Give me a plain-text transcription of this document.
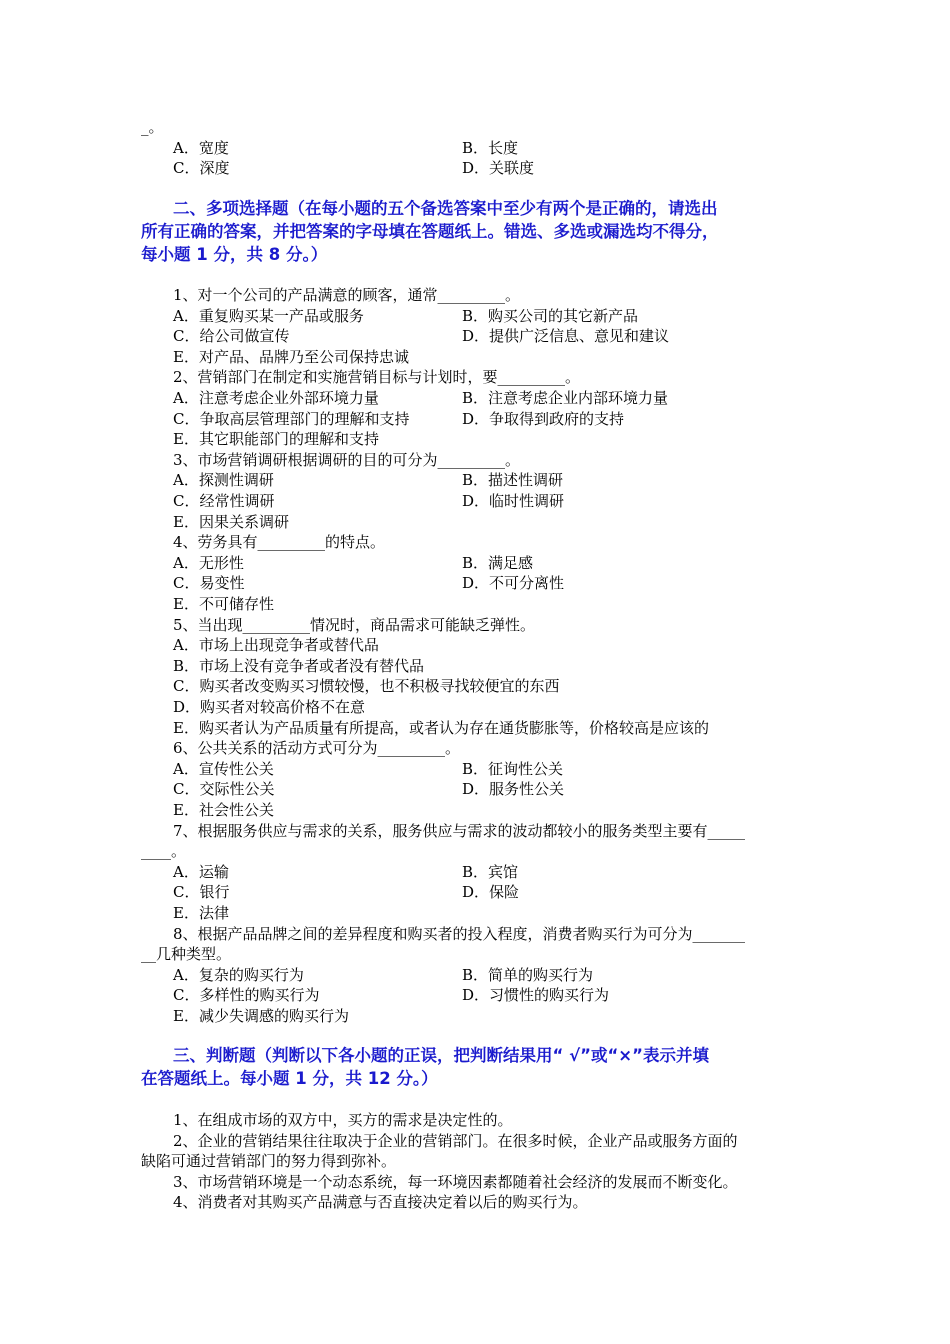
_。
A．宽度	B．长度
C．深度	D．关联度
二、多项选择题（在每小题的五个备选答案中至少有两个是正确的，请选出
所有正确的答案，并把答案的字母填在答题纸上。错选、多选或漏选均不得分，
每小题 1 分，共 8 分。）
1、对一个公司的产品满意的顾客，通常_________。
A．重复购买某一产品或服务	B．购买公司的其它新产品
C．给公司做宣传	D．提供广泛信息、意见和建议
E．对产品、品牌乃至公司保持忠诚
2、营销部门在制定和实施营销目标与计划时，要_________。
A．注意考虑企业外部环境力量	B．注意考虑企业内部环境力量
C．争取高层管理部门的理解和支持	D．争取得到政府的支持
E．其它职能部门的理解和支持
3、市场营销调研根据调研的目的可分为_________。
A．探测性调研	B．描述性调研
C．经常性调研	D．临时性调研
E．因果关系调研
4、劳务具有_________的特点。
A．无形性	B．满足感
C．易变性	D．不可分离性
E．不可储存性
5、当出现_________情况时，商品需求可能缺乏弹性。
A．市场上出现竞争者或替代品
B．市场上没有竞争者或者没有替代品
C．购买者改变购买习惯较慢，也不积极寻找较便宜的东西
D．购买者对较高价格不在意
E．购买者认为产品质量有所提高，或者认为存在通货膨胀等，价格较高是应该的
6、公共关系的活动方式可分为_________。
A．宣传性公关	B．征询性公关
C．交际性公关	D．服务性公关
E．社会性公关
7、根据服务供应与需求的关系，服务供应与需求的波动都较小的服务类型主要有_____
____。
A．运输	B．宾馆
C．银行	D．保险
E．法律
8、根据产品品牌之间的差异程度和购买者的投入程度，消费者购买行为可分为_______
__几种类型。
A．复杂的购买行为	B．简单的购买行为
C．多样性的购买行为	D．习惯性的购买行为
E．减少失调感的购买行为
三、判断题（判断以下各小题的正误，把判断结果用“ √”或“×”表示并填
在答题纸上。每小题 1 分，共 12 分。）
1、在组成市场的双方中，买方的需求是决定性的。
2、企业的营销结果往往取决于企业的营销部门。在很多时候，企业产品或服务方面的
缺陷可通过营销部门的努力得到弥补。
3、市场营销环境是一个动态系统，每一环境因素都随着社会经济的发展而不断变化。
4、消费者对其购买产品满意与否直接决定着以后的购买行为。
